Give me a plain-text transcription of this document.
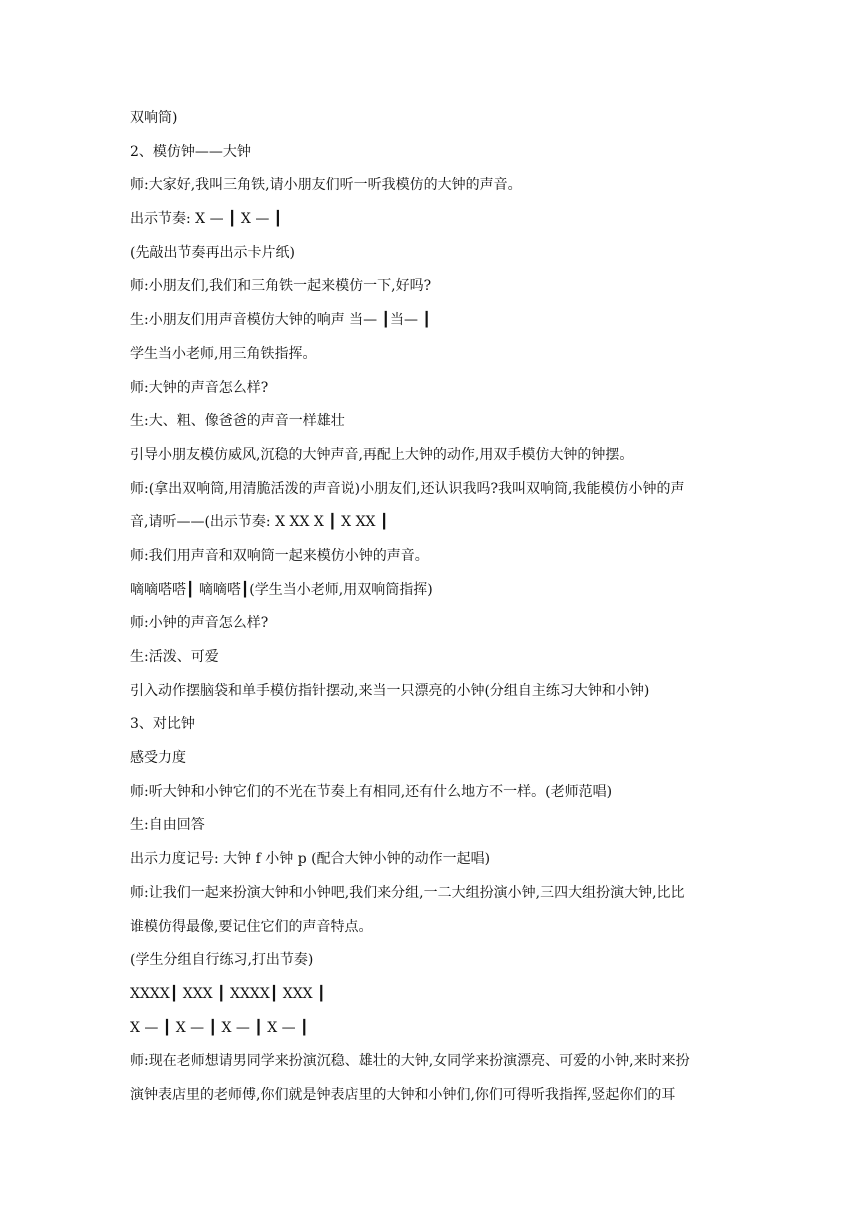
双响筒)
2、模仿钟——大钟
师:大家好,我叫三角铁,请小朋友们听一听我模仿的大钟的声音。
出示节奏: X — ┃ X — ┃
(先敲出节奏再出示卡片纸)
师:小朋友们,我们和三角铁一起来模仿一下,好吗?
生:小朋友们用声音模仿大钟的响声 当— ┃当— ┃
学生当小老师,用三角铁指挥。
师:大钟的声音怎么样?
生:大、粗、像爸爸的声音一样雄壮
引导小朋友模仿威风,沉稳的大钟声音,再配上大钟的动作,用双手模仿大钟的钟摆。
师:(拿出双响筒,用清脆活泼的声音说)小朋友们,还认识我吗?我叫双响筒,我能模仿小钟的声
音,请听——(出示节奏: X XX X ┃ X XX ┃
师:我们用声音和双响筒一起来模仿小钟的声音。
嘀嘀嗒嗒┃ 嘀嘀嗒┃(学生当小老师,用双响筒指挥)
师:小钟的声音怎么样?
生:活泼、可爱
引入动作摆脑袋和单手模仿指针摆动,来当一只漂亮的小钟(分组自主练习大钟和小钟)
3、对比钟
感受力度
师:听大钟和小钟它们的不光在节奏上有相同,还有什么地方不一样。(老师范唱)
生:自由回答
出示力度记号: 大钟 f 小钟 p (配合大钟小钟的动作一起唱)
师:让我们一起来扮演大钟和小钟吧,我们来分组,一二大组扮演小钟,三四大组扮演大钟,比比
谁模仿得最像,要记住它们的声音特点。
(学生分组自行练习,打出节奏)
XXXX┃ XXX ┃ XXXX┃ XXX ┃
X — ┃ X — ┃ X — ┃ X — ┃
师:现在老师想请男同学来扮演沉稳、雄壮的大钟,女同学来扮演漂亮、可爱的小钟,来时来扮
演钟表店里的老师傅,你们就是钟表店里的大钟和小钟们,你们可得听我指挥,竖起你们的耳
